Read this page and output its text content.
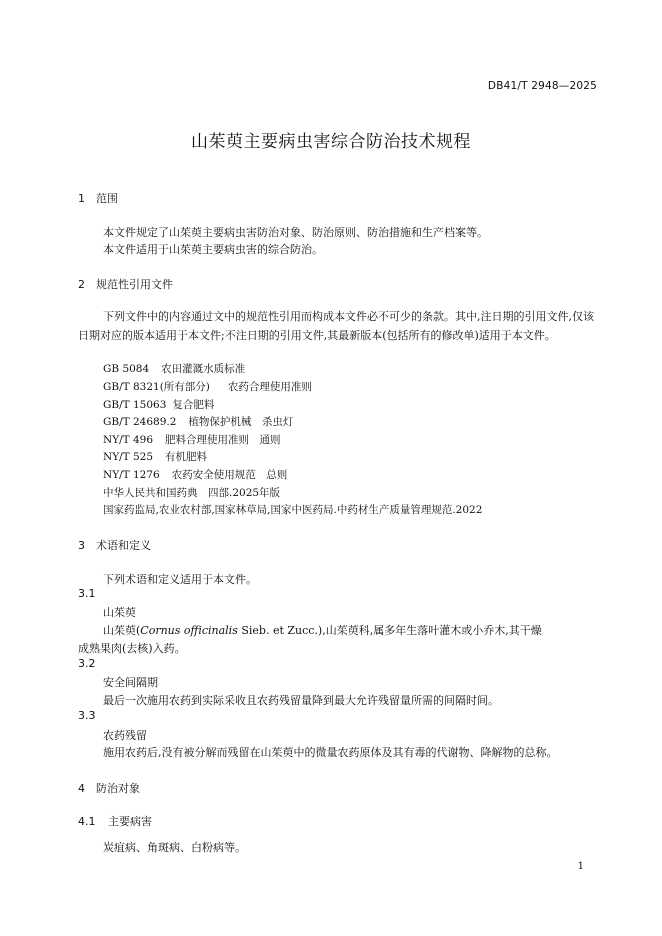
DB41/T 2948—2025
山茱萸主要病虫害综合防治技术规程
1 范围
本文件规定了山茱萸主要病虫害防治对象、防治原则、防治措施和生产档案等。
本文件适用于山茱萸主要病虫害的综合防治。
2 规范性引用文件
下列文件中的内容通过文中的规范性引用而构成本文件必不可少的条款。其中,注日期的引用文件,仅该日期对应的版本适用于本文件;不注日期的引用文件,其最新版本(包括所有的修改单)适用于本文件。
GB 5084 农田灌溉水质标准
GB/T 8321(所有部分) 农药合理使用准则
GB/T 15063 复合肥料
GB/T 24689.2 植物保护机械　杀虫灯
NY/T 496 肥料合理使用准则　通则
NY/T 525 有机肥料
NY/T 1276 农药安全使用规范　总则
中华人民共和国药典　四部.2025年版
国家药监局,农业农村部,国家林草局,国家中医药局.中药材生产质量管理规范.2022
3 术语和定义
下列术语和定义适用于本文件。
3.1
山茱萸
山茱萸(Cornus officinalis Sieb. et Zucc.),山茱萸科,属多年生落叶灌木或小乔木,其干燥
成熟果肉(去核)入药。
3.2
安全间隔期
最后一次施用农药到实际采收且农药残留量降到最大允许残留量所需的间隔时间。
3.3
农药残留
施用农药后,没有被分解而残留在山茱萸中的微量农药原体及其有毒的代谢物、降解物的总称。
4 防治对象
4.1 主要病害
炭疽病、角斑病、白粉病等。
1
